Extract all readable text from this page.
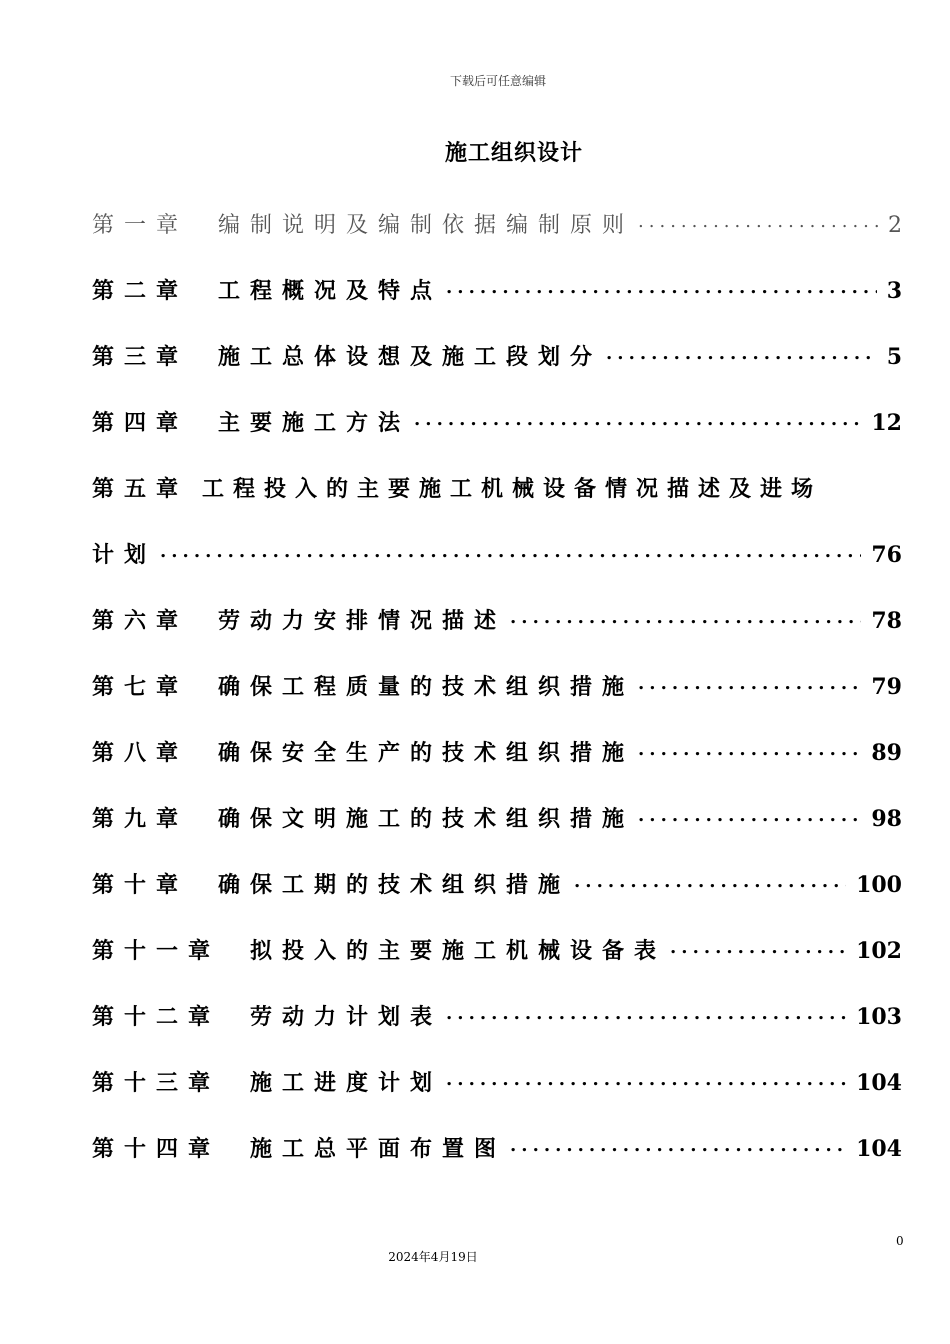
下载后可任意编辑
施工组织设计
第一章 编制说明及编制依据编制原则 .....	2
第二章 工程概况及特点 .....	3
第三章 施工总体设想及施工段划分 .....	5
第四章 主要施工方法 .....	12
第五章 工程投入的主要施工机械设备情况描述及进场
计划 .....	76
第六章 劳动力安排情况描述 .....	78
第七章 确保工程质量的技术组织措施 .....	79
第八章 确保安全生产的技术组织措施 .....	89
第九章 确保文明施工的技术组织措施 .....	98
第十章 确保工期的技术组织措施 .....	100
第十一章 拟投入的主要施工机械设备表 .....	102
第十二章 劳动力计划表 .....	103
第十三章 施工进度计划 .....	104
第十四章 施工总平面布置图 .....	104
0
2024年4月19日
